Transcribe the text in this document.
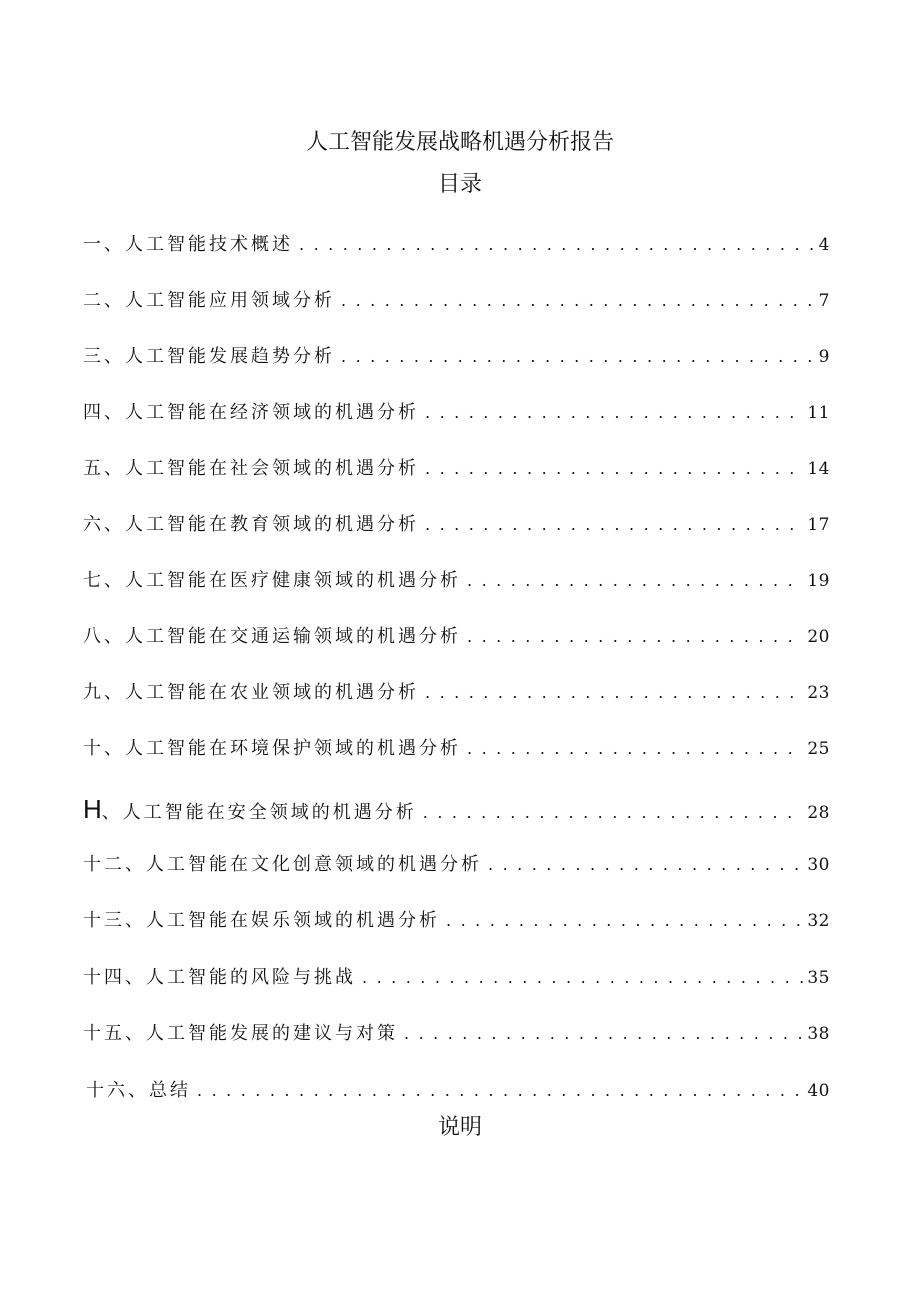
人工智能发展战略机遇分析报告
目录
一、人工智能技术概述 . . .	4
二、人工智能应用领域分析 . . .	7
三、人工智能发展趋势分析 . . .	9
四、人工智能在经济领域的机遇分析 . . .	11
五、人工智能在社会领域的机遇分析 . . .	14
六、人工智能在教育领域的机遇分析 . . .	17
七、人工智能在医疗健康领域的机遇分析 . . .	19
八、人工智能在交通运输领域的机遇分析 . . .	20
九、人工智能在农业领域的机遇分析 . . .	23
十、人工智能在环境保护领域的机遇分析 . . .	25
H、人工智能在安全领域的机遇分析 . . .	28
十二、人工智能在文化创意领域的机遇分析 . . .	30
十三、人工智能在娱乐领域的机遇分析 . . .	32
十四、人工智能的风险与挑战 . . .	35
十五、人工智能发展的建议与对策 . . .	38
十六、总结 . . .	40
说明
